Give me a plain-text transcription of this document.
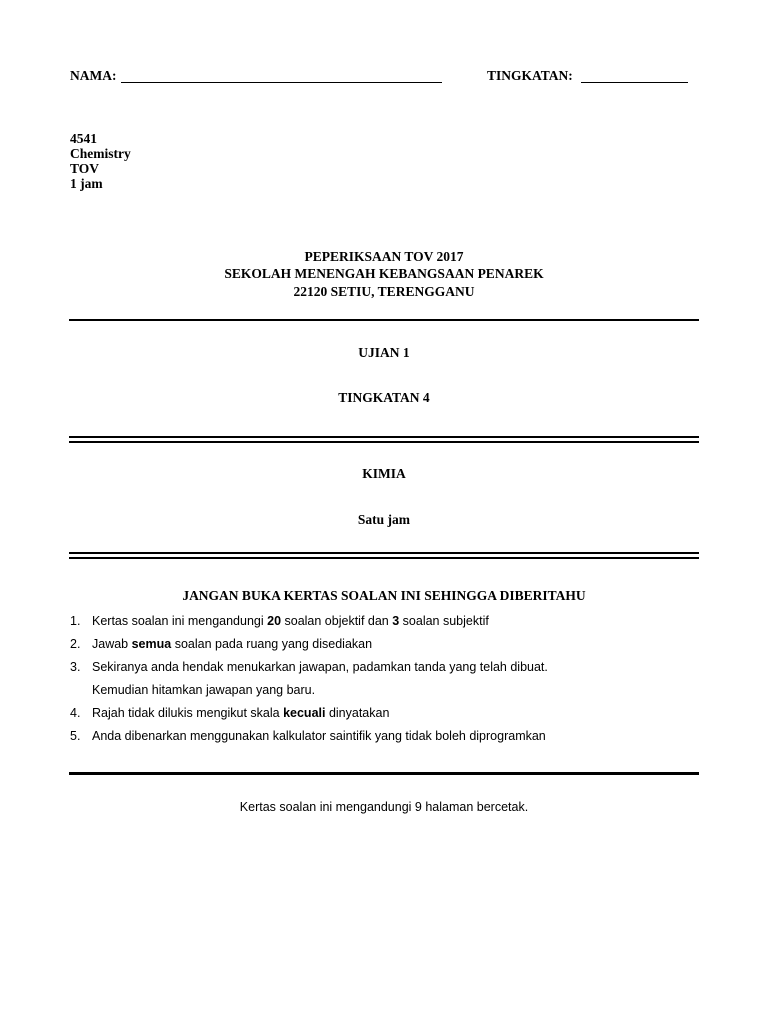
NAMA:	TINGKATAN:
4541
Chemistry
TOV
1 jam
PEPERIKSAAN TOV 2017
SEKOLAH MENENGAH KEBANGSAAN PENAREK
22120 SETIU, TERENGGANU
UJIAN 1
TINGKATAN 4
KIMIA
Satu jam
JANGAN BUKA KERTAS SOALAN INI SEHINGGA DIBERITAHU
1. Kertas soalan ini mengandungi 20 soalan objektif dan 3 soalan subjektif
2. Jawab semua soalan pada ruang yang disediakan
3. Sekiranya anda hendak menukarkan jawapan, padamkan tanda yang telah dibuat.
Kemudian hitamkan jawapan yang baru.
4. Rajah tidak dilukis mengikut skala kecuali dinyatakan
5. Anda dibenarkan menggunakan kalkulator saintifik yang tidak boleh diprogramkan
Kertas soalan ini mengandungi 9 halaman bercetak.
